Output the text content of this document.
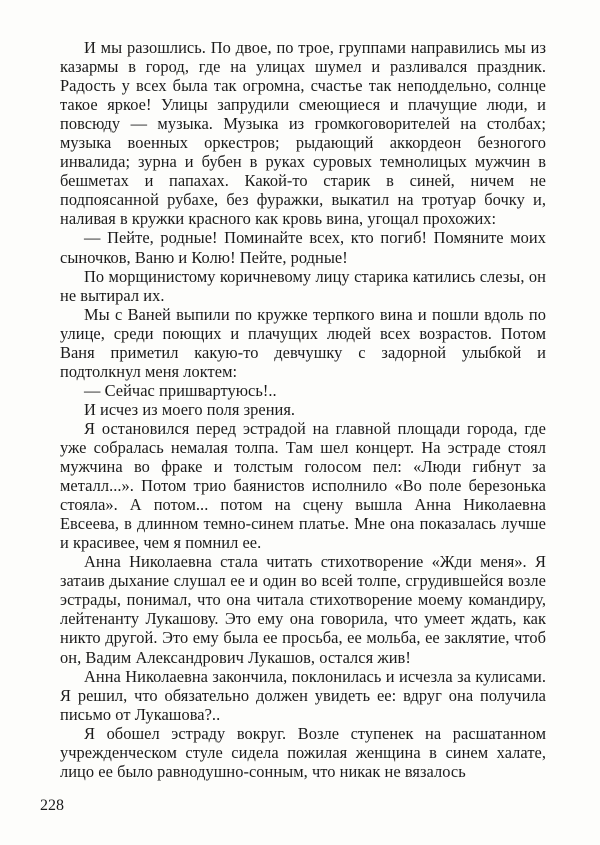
И мы разошлись. По двое, по трое, группами направились мы из казармы в город, где на улицах шумел и разливался праздник. Радость у всех была так огромна, счастье так неподдельно, солнце такое яркое! Улицы запрудили смеющиеся и плачущие люди, и повсюду — музыка. Музыка из громкоговорителей на столбах; музыка военных оркестров; рыдающий аккордеон безногого инвалида; зурна и бубен в руках суровых темнолицых мужчин в бешметах и папахах. Какой-то старик в синей, ничем не подпоясанной рубахе, без фуражки, выкатил на тротуар бочку и, наливая в кружки красного как кровь вина, угощал прохожих:

— Пейте, родные! Поминайте всех, кто погиб! Помяните моих сыночков, Ваню и Колю! Пейте, родные!

По морщинистому коричневому лицу старика катились слезы, он не вытирал их.

Мы с Ваней выпили по кружке терпкого вина и пошли вдоль по улице, среди поющих и плачущих людей всех возрастов. Потом Ваня приметил какую-то девчушку с задорной улыбкой и подтолкнул меня локтем:

— Сейчас пришвартуюсь!..

И исчез из моего поля зрения.

Я остановился перед эстрадой на главной площади города, где уже собралась немалая толпа. Там шел концерт. На эстраде стоял мужчина во фраке и толстым голосом пел: «Люди гибнут за металл...». Потом трио баянистов исполнило «Во поле березонька стояла». А потом... потом на сцену вышла Анна Николаевна Евсеева, в длинном темно-синем платье. Мне она показалась лучше и красивее, чем я помнил ее.

Анна Николаевна стала читать стихотворение «Жди меня». Я затаив дыхание слушал ее и один во всей толпе, сгрудившейся возле эстрады, понимал, что она читала стихотворение моему командиру, лейтенанту Лукашову. Это ему она говорила, что умеет ждать, как никто другой. Это ему была ее просьба, ее мольба, ее заклятие, чтоб он, Вадим Александрович Лукашов, остался жив!

Анна Николаевна закончила, поклонилась и исчезла за кулисами. Я решил, что обязательно должен увидеть ее: вдруг она получила письмо от Лукашова?..

Я обошел эстраду вокруг. Возле ступенек на расшатанном учрежденческом стуле сидела пожилая женщина в синем халате, лицо ее было равнодушно-сонным, что никак не вязалось

228
